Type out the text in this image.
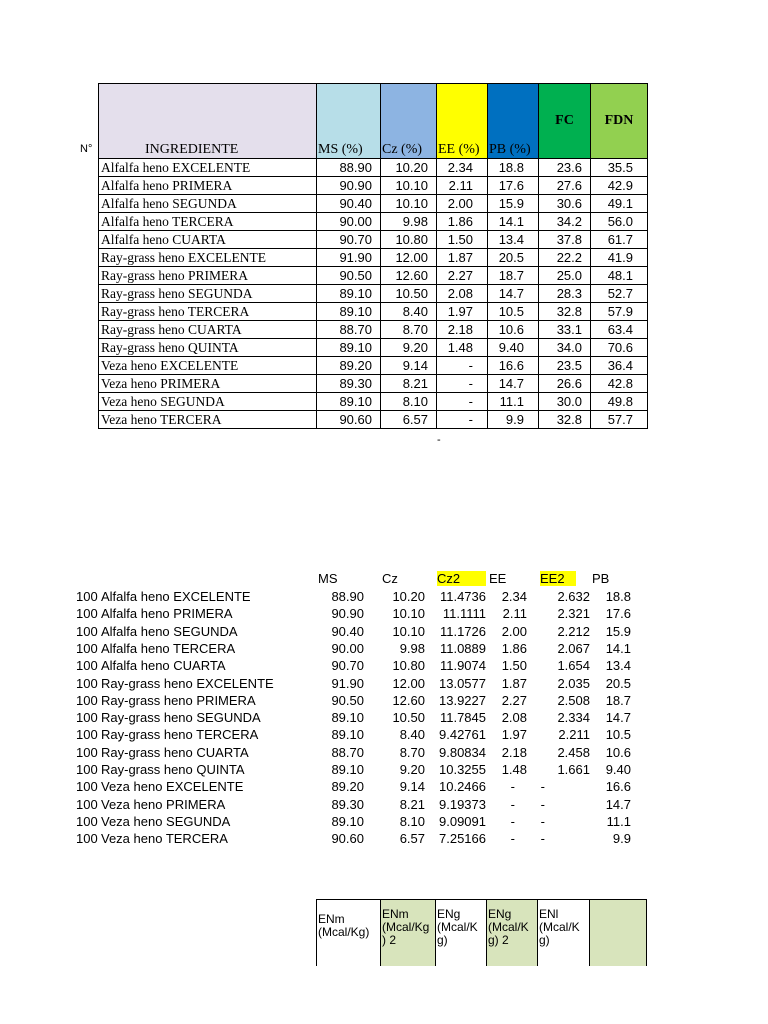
N°	INGREDIENTE	MS (%)	Cz (%)	EE (%)	PB (%)	FC	FDN
Alfalfa heno EXCELENTE	88.90	10.20	2.34	18.8	23.6	35.5
Alfalfa heno PRIMERA	90.90	10.10	2.11	17.6	27.6	42.9
Alfalfa heno SEGUNDA	90.40	10.10	2.00	15.9	30.6	49.1
Alfalfa heno TERCERA	90.00	9.98	1.86	14.1	34.2	56.0
Alfalfa heno CUARTA	90.70	10.80	1.50	13.4	37.8	61.7
Ray-grass heno EXCELENTE	91.90	12.00	1.87	20.5	22.2	41.9
Ray-grass heno PRIMERA	90.50	12.60	2.27	18.7	25.0	48.1
Ray-grass heno SEGUNDA	89.10	10.50	2.08	14.7	28.3	52.7
Ray-grass heno TERCERA	89.10	8.40	1.97	10.5	32.8	57.9
Ray-grass heno CUARTA	88.70	8.70	2.18	10.6	33.1	63.4
Ray-grass heno QUINTA	89.10	9.20	1.48	9.40	34.0	70.6
Veza heno EXCELENTE	89.20	9.14	-	16.6	23.5	36.4
Veza heno PRIMERA	89.30	8.21	-	14.7	26.6	42.8
Veza heno SEGUNDA	89.10	8.10	-	11.1	30.0	49.8
Veza heno TERCERA	90.60	6.57	-	9.9	32.8	57.7
-
MS	Cz	Cz2	EE	EE2	PB
100 Alfalfa heno EXCELENTE	88.90 10.20 11.4736 2.34 2.632 18.8
100 Alfalfa heno PRIMERA	90.90 10.10 11.1111 2.11 2.321 17.6
100 Alfalfa heno SEGUNDA	90.40 10.10 11.1726 2.00 2.212 15.9
100 Alfalfa heno TERCERA	90.00	9.98 11.0889 1.86 2.067 14.1
100 Alfalfa heno CUARTA	90.70 10.80 11.9074 1.50 1.654 13.4
100 Ray-grass heno EXCELENTE	91.90 12.00 13.0577 1.87 2.035 20.5
100 Ray-grass heno PRIMERA	90.50 12.60 13.9227 2.27 2.508 18.7
100 Ray-grass heno SEGUNDA	89.10 10.50 11.7845 2.08 2.334 14.7
100 Ray-grass heno TERCERA	89.10	8.40 9.42761 1.97 2.211 10.5
100 Ray-grass heno CUARTA	88.70	8.70 9.80834 2.18 2.458 10.6
100 Ray-grass heno QUINTA	89.10	9.20 10.3255 1.48 1.661 9.40
100 Veza heno EXCELENTE	89.20	9.14 10.2466 - -	16.6
100 Veza heno PRIMERA	89.30	8.21 9.19373 - -	14.7
100 Veza heno SEGUNDA	89.10	8.10 9.09091 - -	11.1
100 Veza heno TERCERA	90.60	6.57 7.25166 - -	9.9
ENm (Mcal/Kg)	ENm (Mcal/Kg ) 2	ENg (Mcal/K g)	ENg (Mcal/K g) 2	ENl (Mcal/K g)	
